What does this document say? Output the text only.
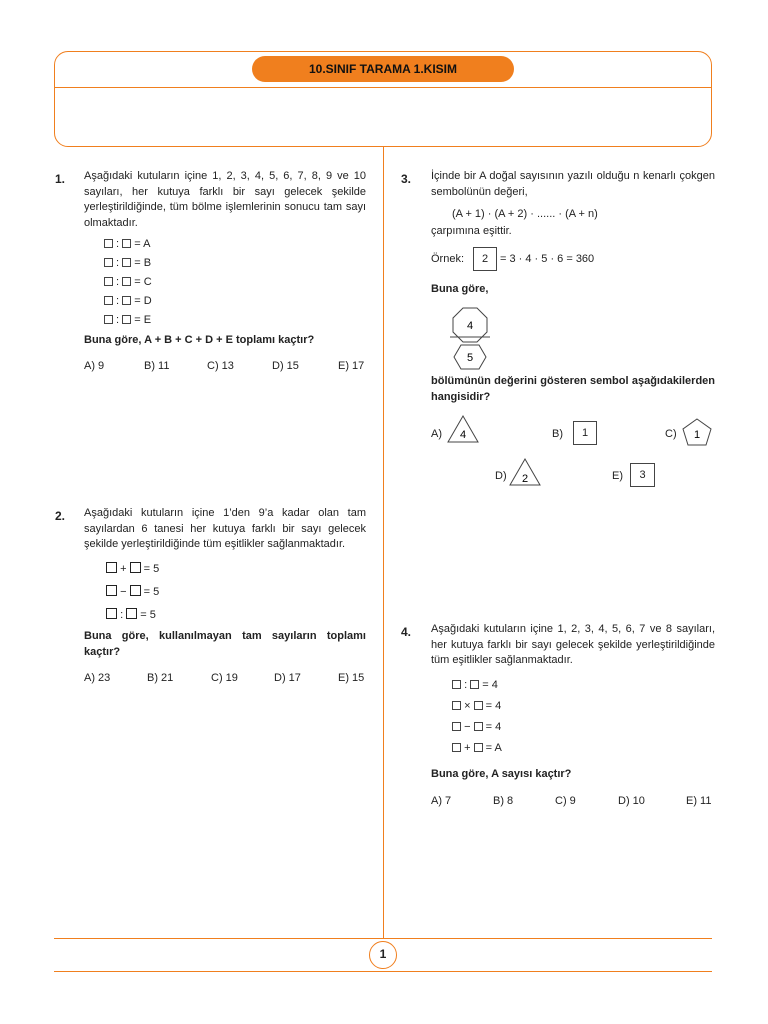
10.SINIF TARAMA 1.KISIM
1. Aşağıdaki kutuların içine 1, 2, 3, 4, 5, 6, 7, 8, 9 ve 10 sayıları, her kutuya farklı bir sayı gelecek şekilde yerleştirildiğinde, tüm bölme işlemlerinin sonucu tam sayı olmaktadır.
:  = A
:  = B
:  = C
:  = D
:  = E
Buna göre, A + B + C + D + E toplamı kaçtır?
A) 9	B) 11	C) 13	D) 15	E) 17
2. Aşağıdaki kutuların içine 1’den 9’a kadar olan tam sayılardan 6 tanesi her kutuya farklı bir sayı gelecek şekilde yerleştirildiğinde tüm eşitlikler sağlanmaktadır.
+ = 5
− = 5
: = 5
Buna göre, kullanılmayan tam sayıların toplamı kaçtır?
A) 23	B) 21	C) 19	D) 17	E) 15
3. İçinde bir A doğal sayısının yazılı olduğu n kenarlı çokgen sembolünün değeri,
(A + 1) · (A + 2) · ...... · (A + n)
çarpımına eşittir.
Örnek:	2	= 3 · 4 · 5 · 6 = 360
Buna göre,
4
5
bölümünün değerini gösteren sembol aşağıdakilerden hangisidir?
A) 4	B)	1	C) 1
D) 2	E)	3
4. Aşağıdaki kutuların içine 1, 2, 3, 4, 5, 6, 7 ve 8 sayıları, her kutuya farklı bir sayı gelecek şekilde yerleştirildiğinde tüm eşitlikler sağlanmaktadır.
: = 4
× = 4
− = 4
+ = A
Buna göre, A sayısı kaçtır?
A) 7	B) 8	C) 9	D) 10	E) 11
1
